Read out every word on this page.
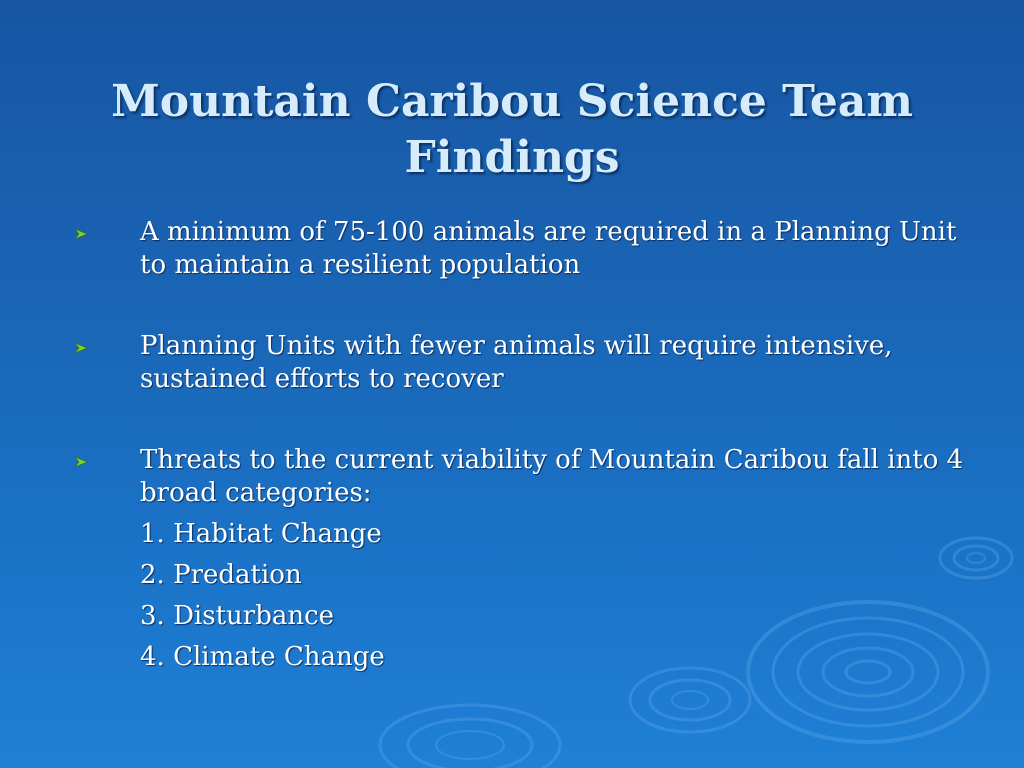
Mountain Caribou Science Team Findings
A minimum of 75-100 animals are required in a Planning Unit to maintain a resilient population
Planning Units with fewer animals will require intensive, sustained efforts to recover
Threats to the current viability of Mountain Caribou fall into 4 broad categories:
1. Habitat Change
2. Predation
3. Disturbance
4. Climate Change
